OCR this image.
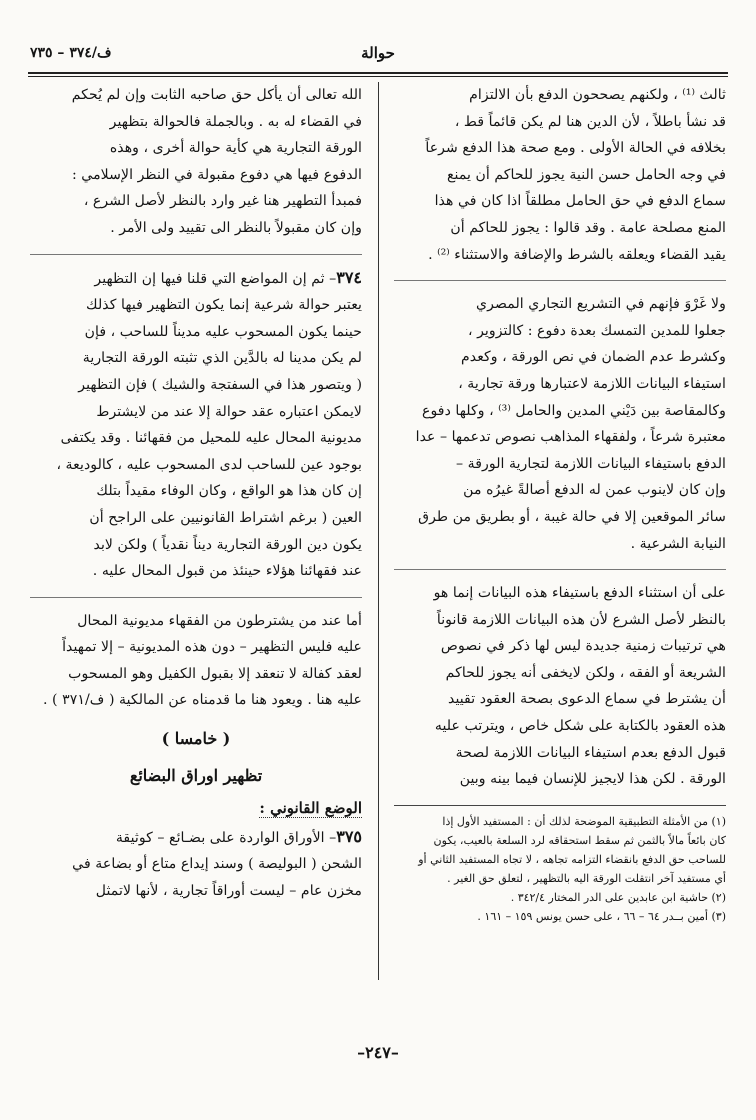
حوالة
ف/٣٧٤ – ٧٣٥

ثالث ⁽¹⁾ ، ولكنهم يصححون الدفع بأن الالتزام
قد نشأ باطلاً ، لأن الدين هنا لم يكن قائماً قط ،
بخلافه في الحالة الأولى . ومع صحة هذا الدفع شرعاً
في وجه الحامل حسن النية يجوز للحاكم أن يمنع
سماع الدفع في حق الحامل مطلقاً اذا كان في هذا
المنع مصلحة عامة . وقد قالوا : يجوز للحاكم أن
يقيد القضاء ويعلقه بالشرط والإضافة والاستثناء ⁽²⁾ .

ولا غَرْوَ فإنهم في التشريع التجاري المصري
جعلوا للمدين التمسك بعدة دفوع : كالتزوير ،
وكشرط عدم الضمان في نص الورقة ، وكعدم
استيفاء البيانات اللازمة لاعتبارها ورقة تجارية ،
وكالمقاصة بين دَيْني المدين والحامل ⁽³⁾ ، وكلها دفوع
معتبرة شرعاً ، ولفقهاء المذاهب نصوص تدعمها – عدا
الدفع باستيفاء البيانات اللازمة لتجارية الورقة –
وإن كان لاينوب عمن له الدفع أصالةً غيرُه من
سائر الموقعين إلا في حالة غيبة ، أو بطريق من طرق
النيابة الشرعية .

على أن استثناء الدفع باستيفاء هذه البيانات إنما هو
بالنظر لأصل الشرع لأن هذه البيانات اللازمة قانوناً
هي ترتيبات زمنية جديدة ليس لها ذكر في نصوص
الشريعة أو الفقه ، ولكن لايخفى أنه يجوز للحاكم
أن يشترط في سماع الدعوى بصحة العقود تقييد
هذه العقود بالكتابة على شكل خاص ، ويترتب عليه
قبول الدفع بعدم استيفاء البيانات اللازمة لصحة
الورقة . لكن هذا لايجيز للإنسان فيما بينه وبين

(١) من الأمثلة التطبيقية الموضحة لذلك أن : المستفيد الأول إذا
كان بائعاً مالاً بالثمن ثم سقط استحقاقه لرد السلعة بالعيب، يكون
للساحب حق الدفع بانقضاء التزامه تجاهه ، لا تجاه المستفيد الثاني أو
أي مستفيد آخر انتقلت الورقة اليه بالتظهير ، لتعلق حق الغير .
(٢) حاشية ابن عابدين على الدر المختار ٣٤٢/٤ .
(٣) أمين بــدر ٦٤ – ٦٦ ، على حسن يونس ١٥٩ – ١٦١ .

الله تعالى أن يأكل حق صاحبه الثابت وإن لم يُحكم
في القضاء له به . وبالجملة فالحوالة بتظهير
الورقة التجارية هي كأية حوالة أخرى ، وهذه
الدفوع فيها هي دفوع مقبولة في النظر الإسلامي :
فمبدأ التطهير هنا غير وارد بالنظر لأصل الشرع ،
وإن كان مقبولاً بالنظر الى تقييد ولى الأمر .

٣٧٤– ثم إن المواضع التي قلنا فيها إن التظهير
يعتبر حوالة شرعية إنما يكون التظهير فيها كذلك
حينما يكون المسحوب عليه مديناً للساحب ، فإن
لم يكن مدينا له بالدَّين الذي تثبته الورقة التجارية
( ويتصور هذا في السفتجة والشيك ) فإن التظهير
لايمكن اعتباره عقد حوالة إلا عند من لايشترط
مديونية المحال عليه للمحيل من فقهائنا . وقد يكتفى
بوجود عين للساحب لدى المسحوب عليه ، كالوديعة ،
إن كان هذا هو الواقع ، وكان الوفاء مقيداً بتلك
العين ( برغم اشتراط القانونيين على الراجح أن
يكون دين الورقة التجارية ديناً نقدياً ) ولكن لابد
عند فقهائنا هؤلاء حينئذ من قبول المحال عليه .

أما عند من يشترطون من الفقهاء مديونية المحال
عليه فليس التظهير – دون هذه المديونية – إلا تمهيداً
لعقد كفالة لا تنعقد إلا بقبول الكفيل وهو المسحوب
عليه هنا . ويعود هنا ما قدمناه عن المالكية ( ف/٣٧١ ) .

( خامسا )
تظهير اوراق البضائع
الوضع القانوني :

٣٧٥– الأوراق الواردة على بضـائع – كوثيقة
الشحن ( البوليصة ) وسند إيداع متاع أو بضاعة في
مخزن عام – ليست أوراقاً تجارية ، لأنها لاتمثل

–٢٤٧–
